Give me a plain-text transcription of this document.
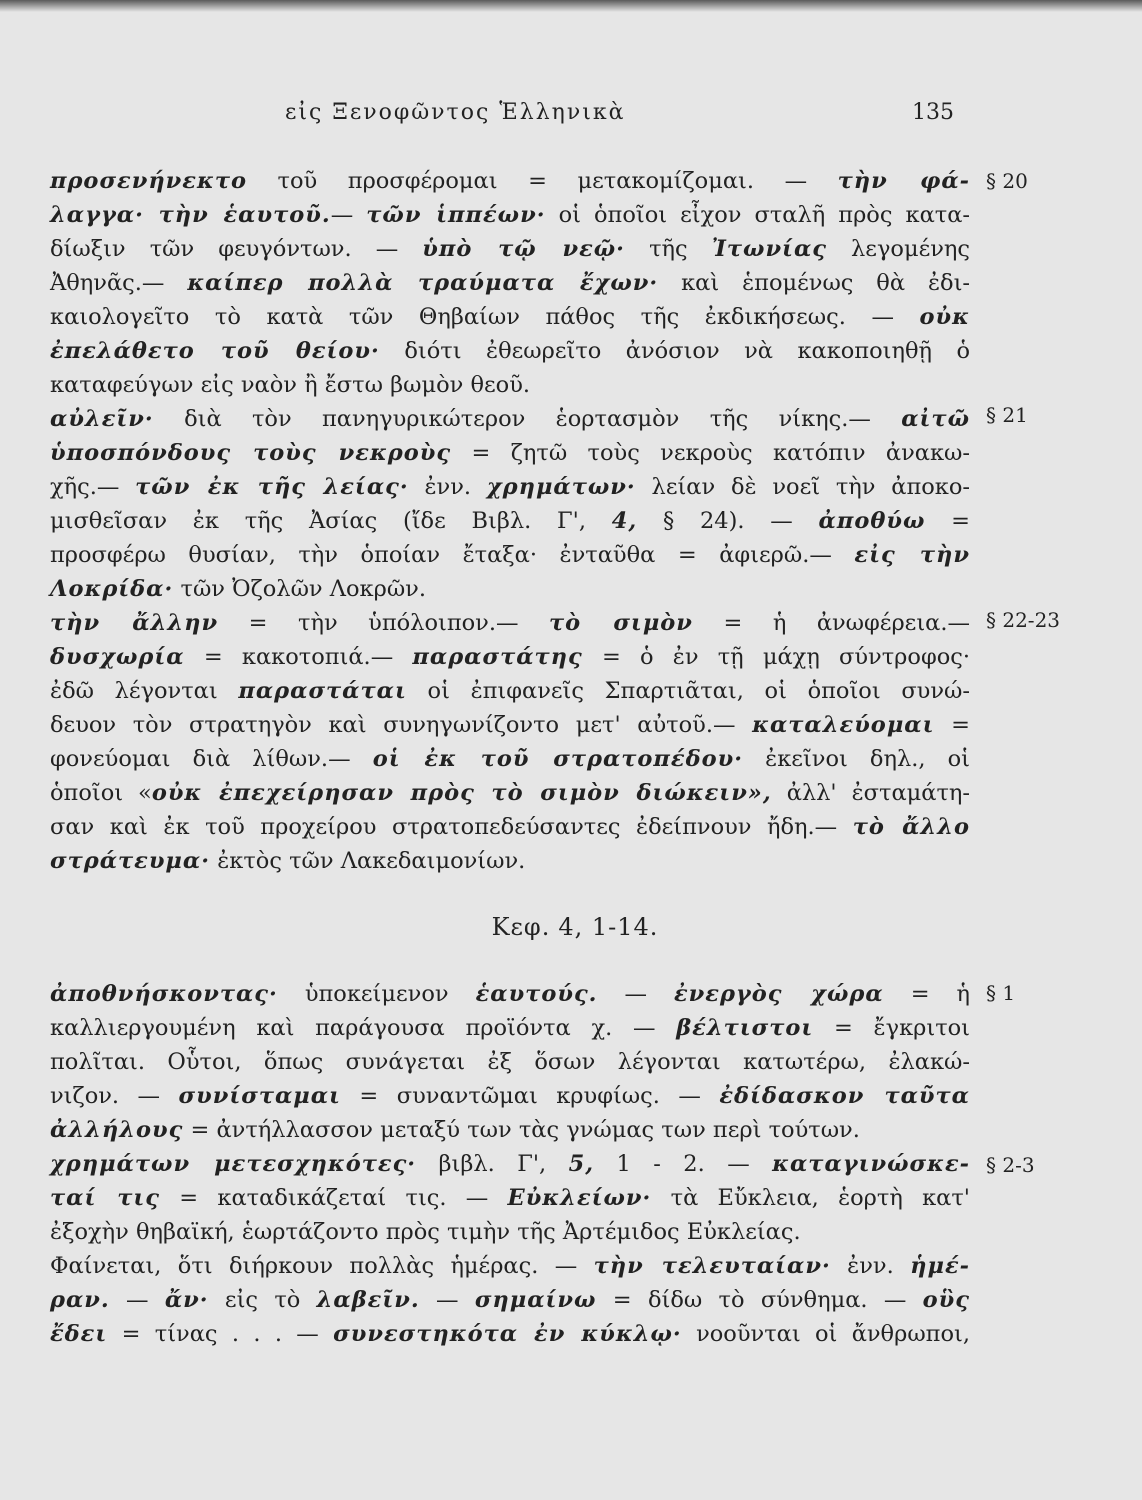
εἰς Ξενοφῶντος Ἑλληνικὰ	135
προσενήνεκτο τοῦ προσφέρομαι = μετακομίζομαι. — τὴν φά-
λαγγα· τὴν ἑαυτοῦ.— τῶν ἱππέων· οἱ ὁποῖοι εἶχον σταλῆ πρὸς κατα-
δίωξιν τῶν φευγόντων. — ὑπὸ τῷ νεῷ· τῆς Ἰτωνίας λεγομένης
Ἀθηνᾶς.— καίπερ πολλὰ τραύματα ἔχων· καὶ ἑπομένως θὰ ἐδι-
καιολογεῖτο τὸ κατὰ τῶν Θηβαίων πάθος τῆς ἐκδικήσεως. — οὐκ
ἐπελάθετο τοῦ θείου· διότι ἐθεωρεῖτο ἀνόσιον νὰ κακοποιηθῇ ὁ
καταφεύγων εἰς ναὸν ἢ ἔστω βωμὸν θεοῦ.
αὐλεῖν· διὰ τὸν πανηγυρικώτερον ἑορτασμὸν τῆς νίκης.— αἰτῶ
ὑποσπόνδους τοὺς νεκροὺς = ζητῶ τοὺς νεκροὺς κατόπιν ἀνακω-
χῆς.— τῶν ἐκ τῆς λείας· ἐνν. χρημάτων· λείαν δὲ νοεῖ τὴν ἀποκο-
μισθεῖσαν ἐκ τῆς Ἀσίας (ἴδε Βιβλ. Γ', 4, § 24). — ἀποθύω =
προσφέρω θυσίαν, τὴν ὁποίαν ἔταξα· ἐνταῦθα = ἀφιερῶ.— εἰς τὴν
Λοκρίδα· τῶν Ὀζολῶν Λοκρῶν.
τὴν ἄλλην = τὴν ὑπόλοιπον.— τὸ σιμὸν = ἡ ἀνωφέρεια.—
δυσχωρία = κακοτοπιά.— παραστάτης = ὁ ἐν τῇ μάχῃ σύντροφος·
ἐδῶ λέγονται παραστάται οἱ ἐπιφανεῖς Σπαρτιᾶται, οἱ ὁποῖοι συνώ-
δευον τὸν στρατηγὸν καὶ συνηγωνίζοντο μετ' αὐτοῦ.— καταλεύομαι =
φονεύομαι διὰ λίθων.— οἱ ἐκ τοῦ στρατοπέδου· ἐκεῖνοι δηλ., οἱ
ὁποῖοι «οὐκ ἐπεχείρησαν πρὸς τὸ σιμὸν διώκειν», ἀλλ' ἐσταμάτη-
σαν καὶ ἐκ τοῦ προχείρου στρατοπεδεύσαντες ἐδείπνουν ἤδη.— τὸ ἄλλο
στράτευμα· ἐκτὸς τῶν Λακεδαιμονίων.
§ 20
§ 21
§ 22-23
Κεφ. 4, 1-14.
ἀποθνήσκοντας· ὑποκείμενον ἑαυτούς. — ἐνεργὸς χώρα = ἡ
καλλιεργουμένη καὶ παράγουσα προϊόντα χ. — βέλτιστοι = ἔγκριτοι
πολῖται. Οὗτοι, ὅπως συνάγεται ἐξ ὅσων λέγονται κατωτέρω, ἐλακώ-
νιζον. — συνίσταμαι = συναντῶμαι κρυφίως. — ἐδίδασκον ταῦτα
ἀλλήλους = ἀντήλλασσον μεταξύ των τὰς γνώμας των περὶ τούτων.
χρημάτων μετεσχηκότες· βιβλ. Γ', 5, 1 - 2. — καταγινώσκε-
ταί τις = καταδικάζεταί τις. — Εὐκλείων· τὰ Εὔκλεια, ἑορτὴ κατ'
ἐξοχὴν θηβαϊκή, ἑωρτάζοντο πρὸς τιμὴν τῆς Ἀρτέμιδος Εὐκλείας.
Φαίνεται, ὅτι διήρκουν πολλὰς ἡμέρας. — τὴν τελευταίαν· ἐνν. ἡμέ-
ραν. — ἄν· εἰς τὸ λαβεῖν. — σημαίνω = δίδω τὸ σύνθημα. — οὓς
ἔδει = τίνας . . . — συνεστηκότα ἐν κύκλῳ· νοοῦνται οἱ ἄνθρωποι,
§ 1
§ 2-3
